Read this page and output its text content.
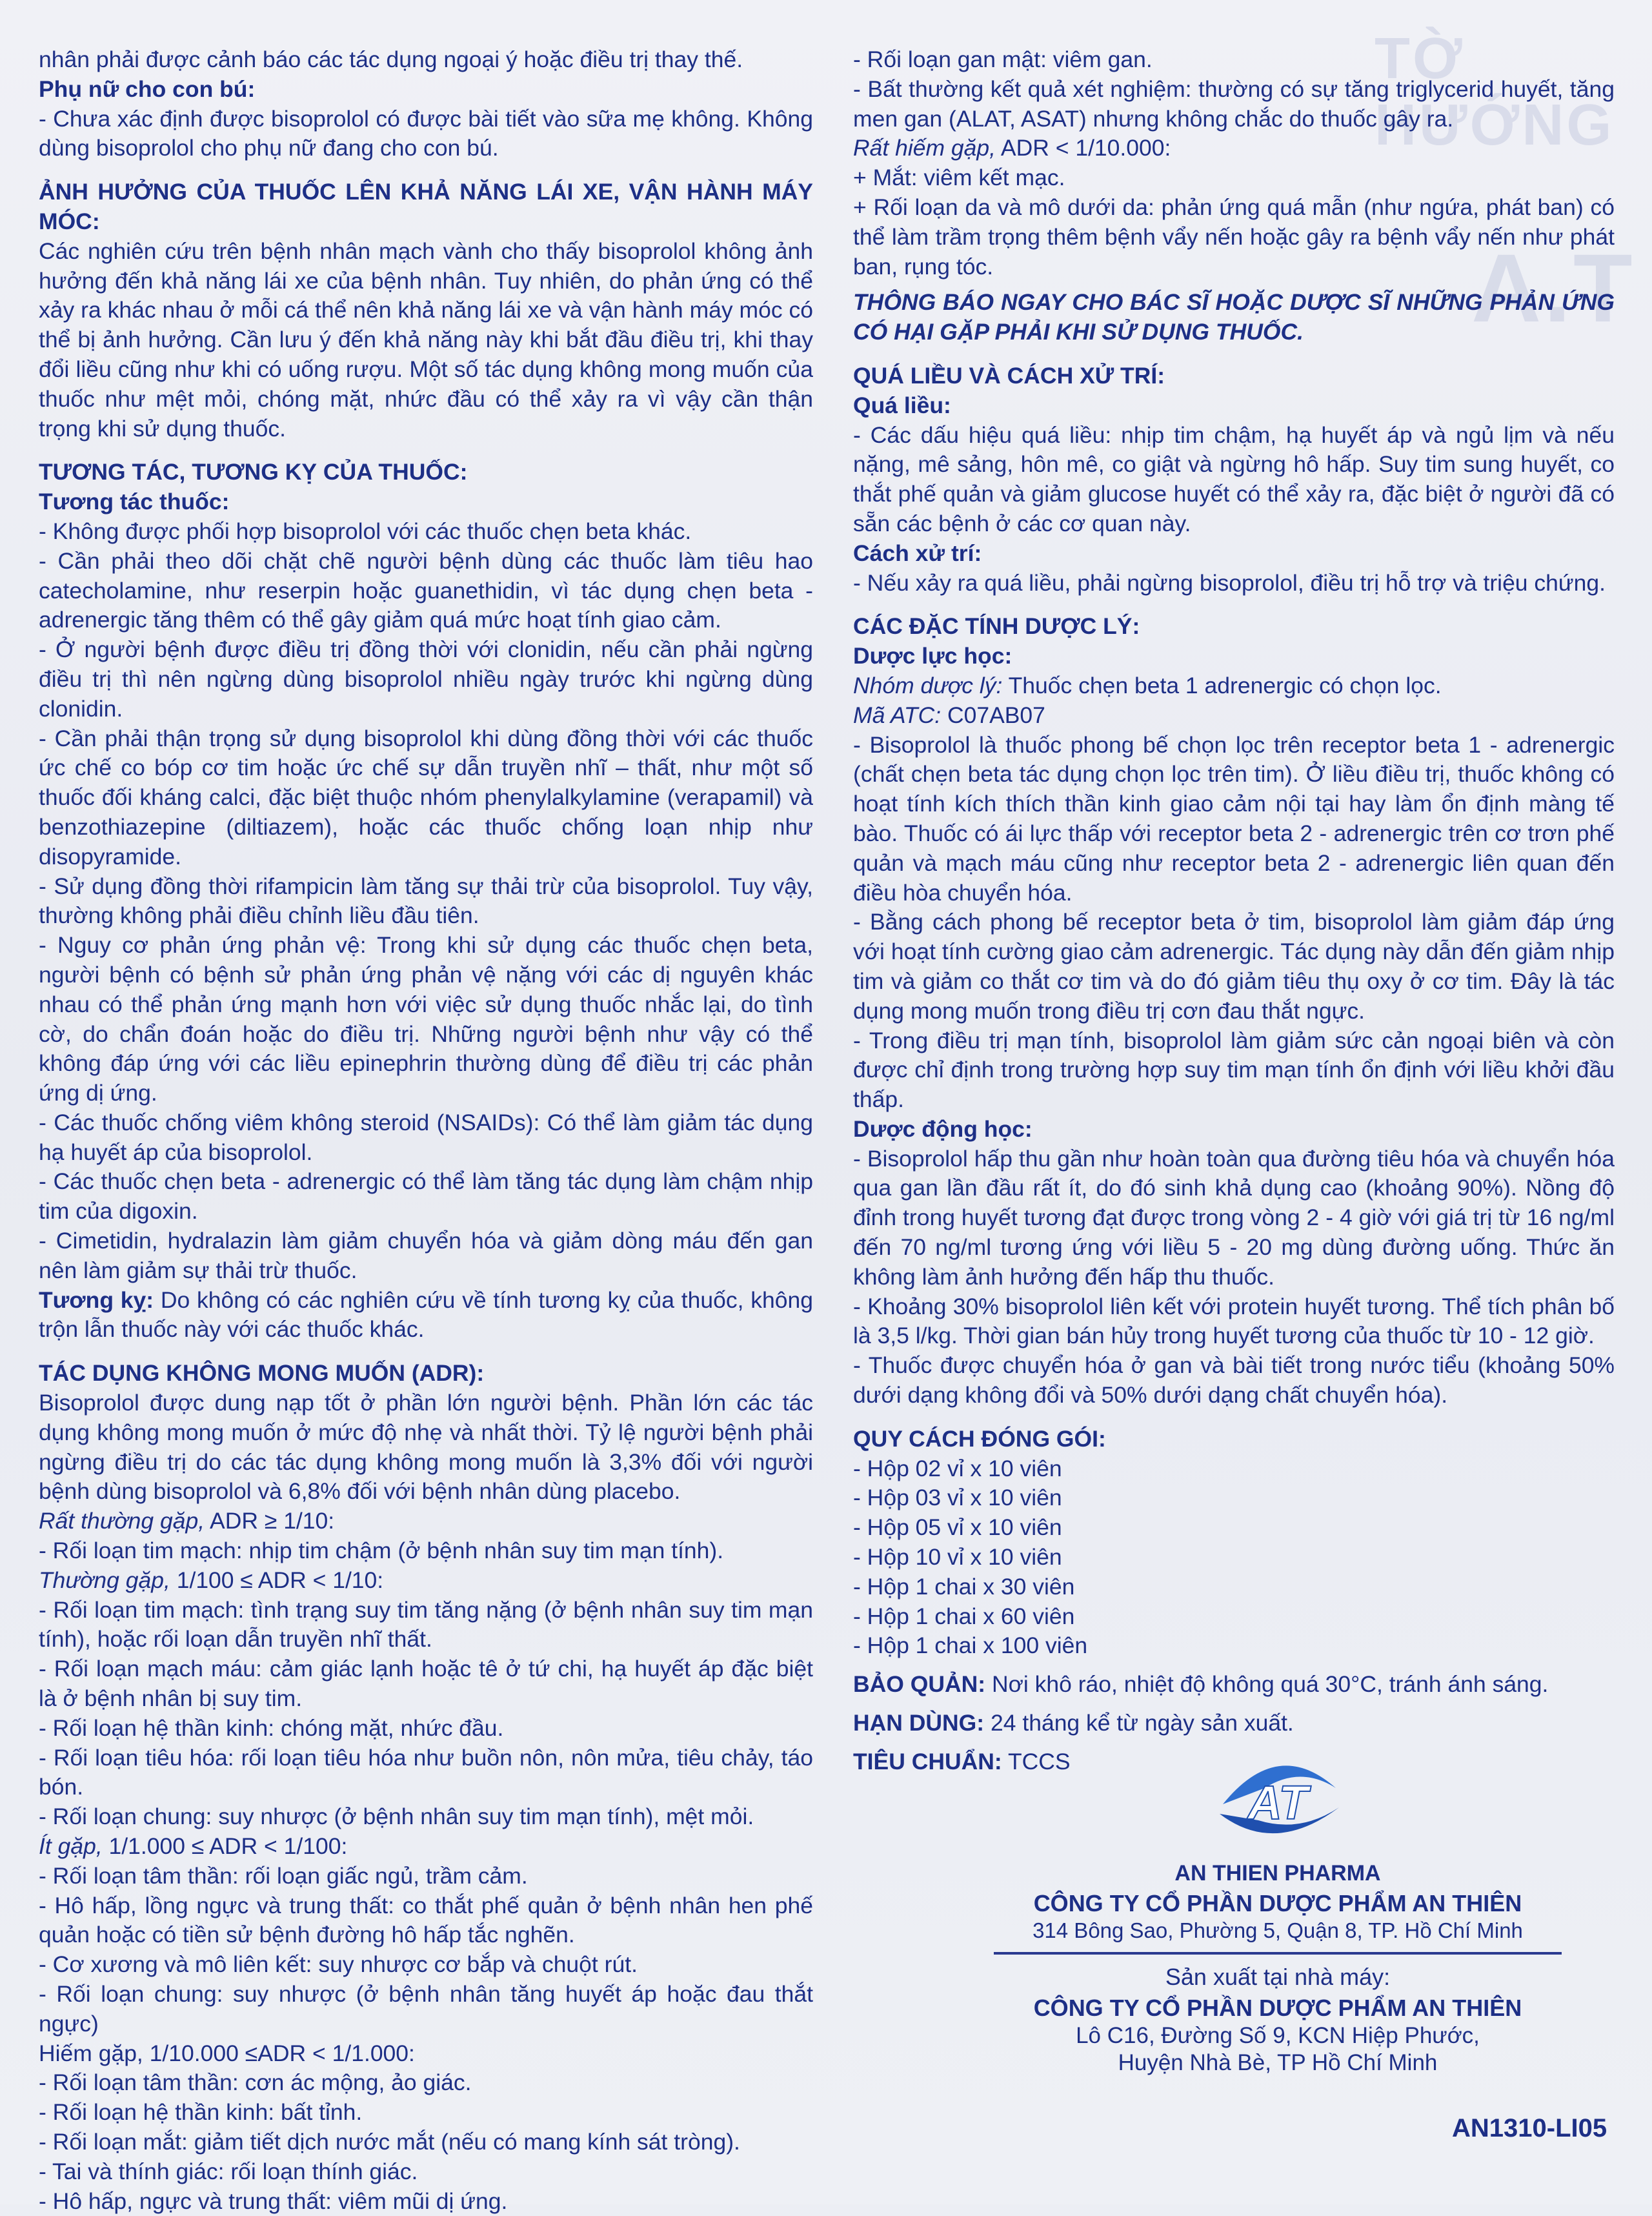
TỜ HƯỚNG
A.T

nhân phải được cảnh báo các tác dụng ngoại ý hoặc điều trị thay thế.

Phụ nữ cho con bú:

- Chưa xác định được bisoprolol có được bài tiết vào sữa mẹ không. Không dùng bisoprolol cho phụ nữ đang cho con bú.

ẢNH HƯỞNG CỦA THUỐC LÊN KHẢ NĂNG LÁI XE, VẬN HÀNH MÁY MÓC:

Các nghiên cứu trên bệnh nhân mạch vành cho thấy bisoprolol không ảnh hưởng đến khả năng lái xe của bệnh nhân. Tuy nhiên, do phản ứng có thể xảy ra khác nhau ở mỗi cá thể nên khả năng lái xe và vận hành máy móc có thể bị ảnh hưởng. Cần lưu ý đến khả năng này khi bắt đầu điều trị, khi thay đổi liều cũng như khi có uống rượu. Một số tác dụng không mong muốn của thuốc như mệt mỏi, chóng mặt, nhức đầu có thể xảy ra vì vậy cần thận trọng khi sử dụng thuốc.

TƯƠNG TÁC, TƯƠNG KỴ CỦA THUỐC:

Tương tác thuốc:

- Không được phối hợp bisoprolol với các thuốc chẹn beta khác.

- Cần phải theo dõi chặt chẽ người bệnh dùng các thuốc làm tiêu hao catecholamine, như reserpin hoặc guanethidin, vì tác dụng chẹn beta - adrenergic tăng thêm có thể gây giảm quá mức hoạt tính giao cảm.

- Ở người bệnh được điều trị đồng thời với clonidin, nếu cần phải ngừng điều trị thì nên ngừng dùng bisoprolol nhiều ngày trước khi ngừng dùng clonidin.

- Cần phải thận trọng sử dụng bisoprolol khi dùng đồng thời với các thuốc ức chế co bóp cơ tim hoặc ức chế sự dẫn truyền nhĩ – thất, như một số thuốc đối kháng calci, đặc biệt thuộc nhóm phenylalkylamine (verapamil) và benzothiazepine (diltiazem), hoặc các thuốc chống loạn nhịp như disopyramide.

- Sử dụng đồng thời rifampicin làm tăng sự thải trừ của bisoprolol. Tuy vậy, thường không phải điều chỉnh liều đầu tiên.

- Nguy cơ phản ứng phản vệ: Trong khi sử dụng các thuốc chẹn beta, người bệnh có bệnh sử phản ứng phản vệ nặng với các dị nguyên khác nhau có thể phản ứng mạnh hơn với việc sử dụng thuốc nhắc lại, do tình cờ, do chẩn đoán hoặc do điều trị. Những người bệnh như vậy có thể không đáp ứng với các liều epinephrin thường dùng để điều trị các phản ứng dị ứng.

- Các thuốc chống viêm không steroid (NSAIDs): Có thể làm giảm tác dụng hạ huyết áp của bisoprolol.

- Các thuốc chẹn beta - adrenergic có thể làm tăng tác dụng làm chậm nhịp tim của digoxin.

- Cimetidin, hydralazin làm giảm chuyển hóa và giảm dòng máu đến gan nên làm giảm sự thải trừ thuốc.

Tương kỵ: Do không có các nghiên cứu về tính tương kỵ của thuốc, không trộn lẫn thuốc này với các thuốc khác.

TÁC DỤNG KHÔNG MONG MUỐN (ADR):

Bisoprolol được dung nạp tốt ở phần lớn người bệnh. Phần lớn các tác dụng không mong muốn ở mức độ nhẹ và nhất thời. Tỷ lệ người bệnh phải ngừng điều trị do các tác dụng không mong muốn là 3,3% đối với người bệnh dùng bisoprolol và 6,8% đối với bệnh nhân dùng placebo.

Rất thường gặp, ADR ≥ 1/10:

- Rối loạn tim mạch: nhịp tim chậm (ở bệnh nhân suy tim mạn tính).

Thường gặp, 1/100 ≤ ADR < 1/10:

- Rối loạn tim mạch: tình trạng suy tim tăng nặng (ở bệnh nhân suy tim mạn tính), hoặc rối loạn dẫn truyền nhĩ thất.

- Rối loạn mạch máu: cảm giác lạnh hoặc tê ở tứ chi, hạ huyết áp đặc biệt là ở bệnh nhân bị suy tim.

- Rối loạn hệ thần kinh: chóng mặt, nhức đầu.

- Rối loạn tiêu hóa: rối loạn tiêu hóa như buồn nôn, nôn mửa, tiêu chảy, táo bón.

- Rối loạn chung: suy nhược (ở bệnh nhân suy tim mạn tính), mệt mỏi.

Ít gặp, 1/1.000 ≤ ADR < 1/100:

- Rối loạn tâm thần: rối loạn giấc ngủ, trầm cảm.

- Hô hấp, lồng ngực và trung thất: co thắt phế quản ở bệnh nhân hen phế quản hoặc có tiền sử bệnh đường hô hấp tắc nghẽn.

- Cơ xương và mô liên kết: suy nhược cơ bắp và chuột rút.

- Rối loạn chung: suy nhược (ở bệnh nhân tăng huyết áp hoặc đau thắt ngực)

Hiếm gặp, 1/10.000 ≤ADR < 1/1.000:

- Rối loạn tâm thần: cơn ác mộng, ảo giác.

- Rối loạn hệ thần kinh: bất tỉnh.

- Rối loạn mắt: giảm tiết dịch nước mắt (nếu có mang kính sát tròng).

- Tai và thính giác: rối loạn thính giác.

- Hô hấp, ngực và trung thất: viêm mũi dị ứng.

- Rối loạn gan mật: viêm gan.

- Bất thường kết quả xét nghiệm: thường có sự tăng triglycerid huyết, tăng men gan (ALAT, ASAT) nhưng không chắc do thuốc gây ra.

Rất hiếm gặp, ADR < 1/10.000:

+ Mắt: viêm kết mạc.

+ Rối loạn da và mô dưới da: phản ứng quá mẫn (như ngứa, phát ban) có thể làm trầm trọng thêm bệnh vẩy nến hoặc gây ra bệnh vẩy nến như phát ban, rụng tóc.

THÔNG BÁO NGAY CHO BÁC SĨ HOẶC DƯỢC SĨ NHỮNG PHẢN ỨNG CÓ HẠI GẶP PHẢI KHI SỬ DỤNG THUỐC.

QUÁ LIỀU VÀ CÁCH XỬ TRÍ:

Quá liều:

- Các dấu hiệu quá liều: nhịp tim chậm, hạ huyết áp và ngủ lịm và nếu nặng, mê sảng, hôn mê, co giật và ngừng hô hấp. Suy tim sung huyết, co thắt phế quản và giảm glucose huyết có thể xảy ra, đặc biệt ở người đã có sẵn các bệnh ở các cơ quan này.

Cách xử trí:

- Nếu xảy ra quá liều, phải ngừng bisoprolol, điều trị hỗ trợ và triệu chứng.

CÁC ĐẶC TÍNH DƯỢC LÝ:

Dược lực học:

Nhóm dược lý: Thuốc chẹn beta 1 adrenergic có chọn lọc.

Mã ATC: C07AB07

- Bisoprolol là thuốc phong bế chọn lọc trên receptor beta 1 - adrenergic (chất chẹn beta tác dụng chọn lọc trên tim). Ở liều điều trị, thuốc không có hoạt tính kích thích thần kinh giao cảm nội tại hay làm ổn định màng tế bào. Thuốc có ái lực thấp với receptor beta 2 - adrenergic trên cơ trơn phế quản và mạch máu cũng như receptor beta 2 - adrenergic liên quan đến điều hòa chuyển hóa.

- Bằng cách phong bế receptor beta ở tim, bisoprolol làm giảm đáp ứng với hoạt tính cường giao cảm adrenergic. Tác dụng này dẫn đến giảm nhịp tim và giảm co thắt cơ tim và do đó giảm tiêu thụ oxy ở cơ tim. Đây là tác dụng mong muốn trong điều trị cơn đau thắt ngực.

- Trong điều trị mạn tính, bisoprolol làm giảm sức cản ngoại biên và còn được chỉ định trong trường hợp suy tim mạn tính ổn định với liều khởi đầu thấp.

Dược động học:

- Bisoprolol hấp thu gần như hoàn toàn qua đường tiêu hóa và chuyển hóa qua gan lần đầu rất ít, do đó sinh khả dụng cao (khoảng 90%). Nồng độ đỉnh trong huyết tương đạt được trong vòng 2 - 4 giờ với giá trị từ 16 ng/ml đến 70 ng/ml tương ứng với liều 5 - 20 mg dùng đường uống. Thức ăn không làm ảnh hưởng đến hấp thu thuốc.

- Khoảng 30% bisoprolol liên kết với protein huyết tương. Thể tích phân bố là 3,5 l/kg. Thời gian bán hủy trong huyết tương của thuốc từ 10 - 12 giờ.

- Thuốc được chuyển hóa ở gan và bài tiết trong nước tiểu (khoảng 50% dưới dạng không đổi và 50% dưới dạng chất chuyển hóa).

QUY CÁCH ĐÓNG GÓI:

- Hộp 02 vỉ x 10 viên

- Hộp 03 vỉ x 10 viên

- Hộp 05 vỉ x 10 viên

- Hộp 10 vỉ x 10 viên

- Hộp 1 chai x 30 viên

- Hộp 1 chai x 60 viên

- Hộp 1 chai x 100 viên

BẢO QUẢN: Nơi khô ráo, nhiệt độ không quá 30°C, tránh ánh sáng.

HẠN DÙNG: 24 tháng kể từ ngày sản xuất.

TIÊU CHUẨN: TCCS

AT
AN THIEN PHARMA
CÔNG TY CỔ PHẦN DƯỢC PHẨM AN THIÊN
314 Bông Sao, Phường 5, Quận 8, TP. Hồ Chí Minh
Sản xuất tại nhà máy:
CÔNG TY CỔ PHẦN DƯỢC PHẨM AN THIÊN
Lô C16, Đường Số 9, KCN Hiệp Phước,
Huyện Nhà Bè, TP Hồ Chí Minh
AN1310-LI05
